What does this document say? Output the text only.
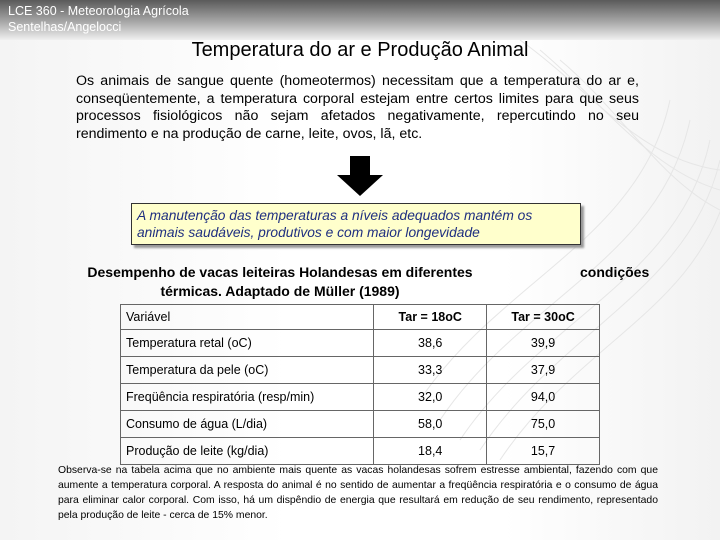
LCE 360 - Meteorologia Agrícola
Sentelhas/Angelocci
Temperatura do ar e Produção Animal
Os animais de sangue quente (homeotermos) necessitam que a temperatura do ar e, conseqüentemente, a temperatura corporal estejam entre certos limites para que seus processos fisiológicos não sejam afetados negativamente, repercutindo no seu rendimento e na produção de carne, leite, ovos, lã, etc.
A manutenção das temperaturas a níveis adequados mantém os animais saudáveis, produtivos e com maior longevidade
Desempenho de vacas leiteiras Holandesas em diferentes térmicas. Adaptado de Müller (1989)
condições
Variável	Tar = 18oC	Tar = 30oC
Temperatura retal (oC)	38,6	39,9
Temperatura da pele (oC)	33,3	37,9
Freqüência respiratória (resp/min)	32,0	94,0
Consumo de água (L/dia)	58,0	75,0
Produção de leite (kg/dia)	18,4	15,7
Observa-se na tabela acima que no ambiente mais quente as vacas holandesas sofrem estresse ambiental, fazendo com que aumente a temperatura corporal. A resposta do animal é no sentido de aumentar a freqüência respiratória e o consumo de água para eliminar calor corporal. Com isso, há um dispêndio de energia que resultará em redução de seu rendimento, representado pela produção de leite - cerca de 15% menor.
